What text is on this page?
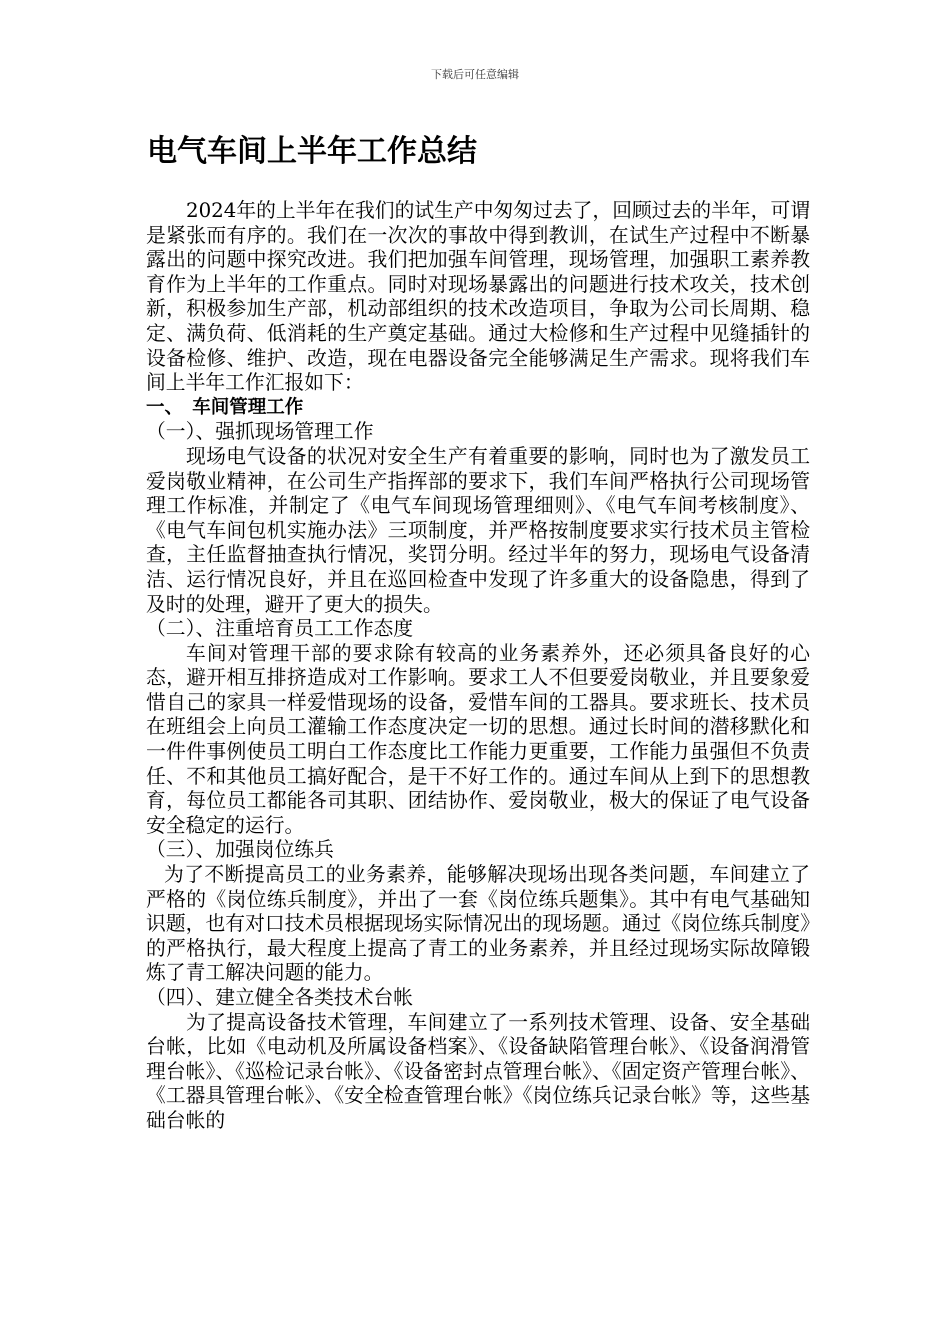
下载后可任意编辑
电气车间上半年工作总结

2024年的上半年在我们的试生产中匆匆过去了，回顾过去的半年，可谓是紧张而有序的。我们在一次次的事故中得到教训，在试生产过程中不断暴露出的问题中探究改进。我们把加强车间管理，现场管理，加强职工素养教育作为上半年的工作重点。同时对现场暴露出的问题进行技术攻关，技术创新，积极参加生产部，机动部组织的技术改造项目，争取为公司长周期、稳定、满负荷、低消耗的生产奠定基础。通过大检修和生产过程中见缝插针的设备检修、维护、改造，现在电器设备完全能够满足生产需求。现将我们车间上半年工作汇报如下：

一、　车间管理工作

（一）、强抓现场管理工作

现场电气设备的状况对安全生产有着重要的影响，同时也为了激发员工爱岗敬业精神，在公司生产指挥部的要求下，我们车间严格执行公司现场管理工作标准，并制定了《电气车间现场管理细则》、《电气车间考核制度》、《电气车间包机实施办法》三项制度，并严格按制度要求实行技术员主管检查，主任监督抽查执行情况，奖罚分明。经过半年的努力，现场电气设备清洁、运行情况良好，并且在巡回检查中发现了许多重大的设备隐患，得到了及时的处理，避开了更大的损失。

（二）、注重培育员工工作态度

车间对管理干部的要求除有较高的业务素养外，还必须具备良好的心态，避开相互排挤造成对工作影响。要求工人不但要爱岗敬业，并且要象爱惜自己的家具一样爱惜现场的设备，爱惜车间的工器具。要求班长、技术员在班组会上向员工灌输工作态度决定一切的思想。通过长时间的潜移默化和一件件事例使员工明白工作态度比工作能力更重要，工作能力虽强但不负责任、不和其他员工搞好配合，是干不好工作的。通过车间从上到下的思想教育，每位员工都能各司其职、团结协作、爱岗敬业，极大的保证了电气设备安全稳定的运行。

（三）、加强岗位练兵

为了不断提高员工的业务素养，能够解决现场出现各类问题，车间建立了严格的《岗位练兵制度》，并出了一套《岗位练兵题集》。其中有电气基础知识题，也有对口技术员根据现场实际情况出的现场题。通过《岗位练兵制度》的严格执行，最大程度上提高了青工的业务素养，并且经过现场实际故障锻炼了青工解决问题的能力。

（四）、建立健全各类技术台帐

为了提高设备技术管理，车间建立了一系列技术管理、设备、安全基础台帐，比如《电动机及所属设备档案》、《设备缺陷管理台帐》、《设备润滑管理台帐》、《巡检记录台帐》、《设备密封点管理台帐》、《固定资产管理台帐》、《工器具管理台帐》、《安全检查管理台帐》《岗位练兵记录台帐》等，这些基础台帐的
